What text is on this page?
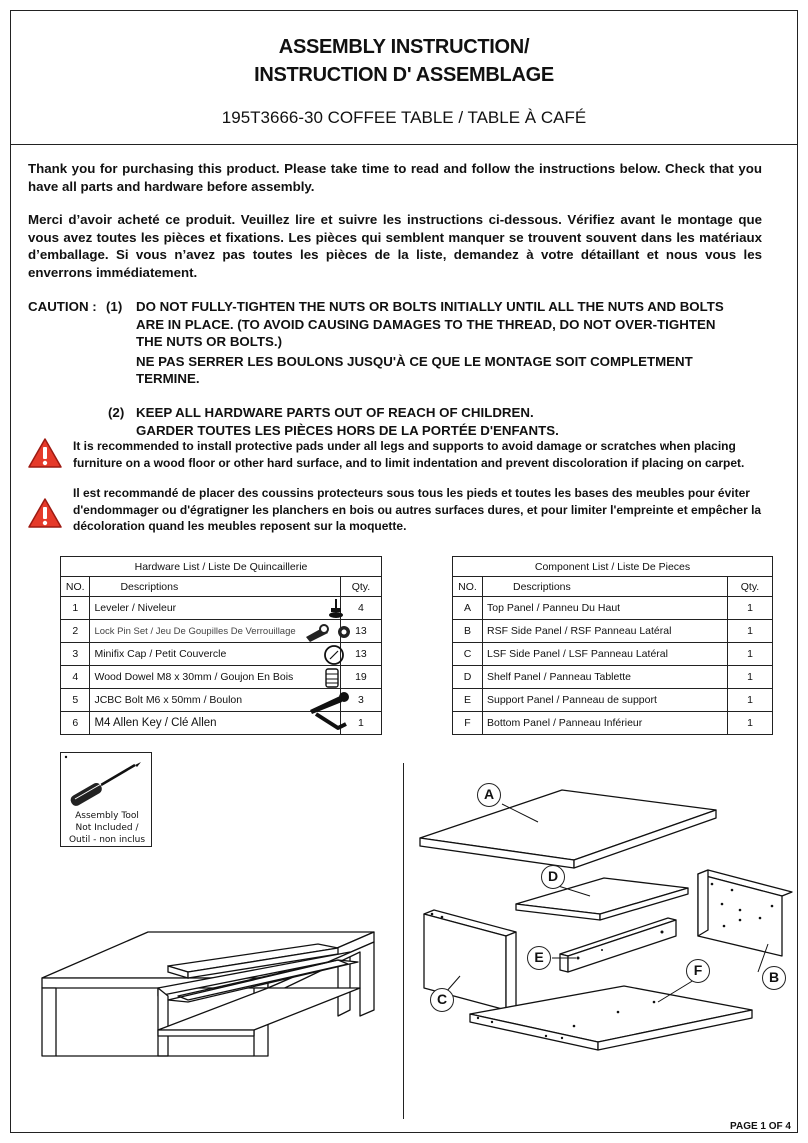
ASSEMBLY INSTRUCTION/
INSTRUCTION D' ASSEMBLAGE
195T3666-30 COFFEE TABLE / TABLE À CAFÉ
Thank you for purchasing this product. Please take time to read and follow the instructions below. Check that you have all parts and hardware before assembly.
Merci d’avoir acheté ce produit. Veuillez lire et suivre les instructions ci-dessous. Vérifiez avant le montage que vous avez toutes les pièces et fixations. Les pièces qui semblent manquer se trouvent souvent dans les matériaux d’emballage. Si vous n’avez pas toutes les pièces de la liste, demandez à votre détaillant et nous vous les enverrons immédiatement.
CAUTION : (1) DO NOT FULLY-TIGHTEN THE NUTS OR BOLTS INITIALLY UNTIL ALL THE NUTS AND BOLTS
ARE IN PLACE. (TO AVOID CAUSING DAMAGES TO THE THREAD, DO NOT OVER-TIGHTEN
THE NUTS OR BOLTS.)
NE PAS SERRER LES BOULONS JUSQU'À CE QUE LE MONTAGE SOIT COMPLETMENT
TERMINE.
(2) KEEP ALL HARDWARE PARTS OUT OF REACH OF CHILDREN.
GARDER TOUTES LES PIÈCES HORS DE LA PORTÉE D'ENFANTS.
It is recommended to install protective pads under all legs and supports to avoid damage or scratches when placing furniture on a wood floor or other hard surface, and to limit indentation and prevent discoloration if placing on carpet.
Il est recommandé de placer des coussins protecteurs sous tous les pieds et toutes les bases des meubles pour éviter d'endommager ou d'égratigner les planchers en bois ou autres surfaces dures, et pour limiter l'empreinte et empêcher la décoloration quand les meubles reposent sur la moquette.
Hardware List / Liste De Quincaillerie			
NO.	Descriptions		Qty.
1	Leveler / Niveleur		4
2	Lock Pin Set / Jeu De Goupilles De Verrouillage		13
3	Minifix Cap / Petit Couvercle		13
4	Wood Dowel M8 x 30mm / Goujon En Bois		19
5	JCBC Bolt M6 x 50mm / Boulon		3
6	M4 Allen Key / Clé Allen		1
Component List / Liste De Pieces		
NO.	Descriptions	Qty.
A	Top Panel / Panneu Du Haut	1
B	RSF Side Panel / RSF Panneau Latéral	1
C	LSF Side Panel / LSF Panneau Latéral	1
D	Shelf Panel / Panneau Tablette	1
E	Support Panel / Panneau de support	1
F	Bottom Panel / Panneau Inférieur	1
Assembly Tool
Not Included /
Outil - non inclus
A
D
E
C
F	B
PAGE 1 OF 4
